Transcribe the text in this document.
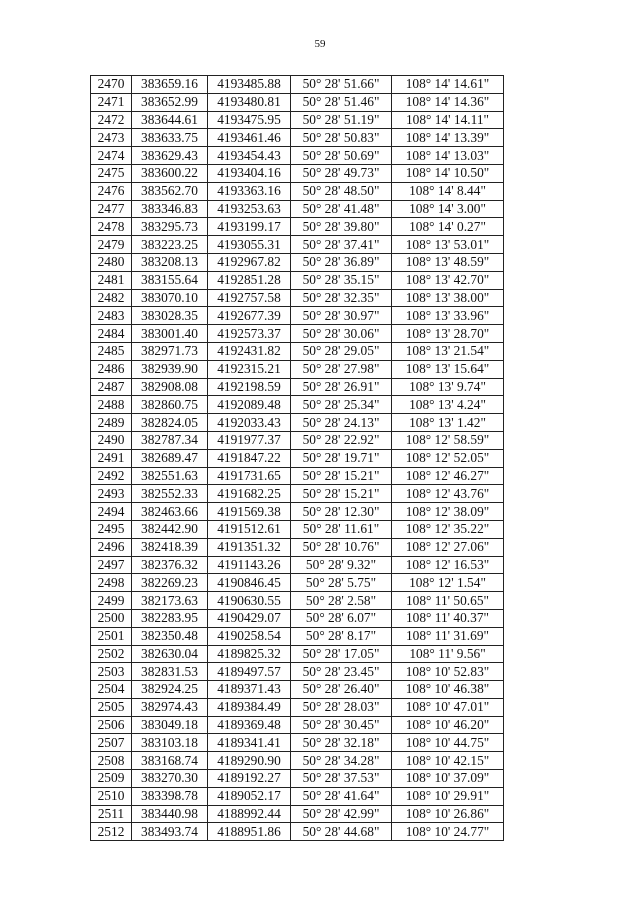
59
2470	383659.16	4193485.88	50° 28' 51.66"	108° 14' 14.61"
2471	383652.99	4193480.81	50° 28' 51.46"	108° 14' 14.36"
2472	383644.61	4193475.95	50° 28' 51.19"	108° 14' 14.11"
2473	383633.75	4193461.46	50° 28' 50.83"	108° 14' 13.39"
2474	383629.43	4193454.43	50° 28' 50.69"	108° 14' 13.03"
2475	383600.22	4193404.16	50° 28' 49.73"	108° 14' 10.50"
2476	383562.70	4193363.16	50° 28' 48.50"	108° 14' 8.44"
2477	383346.83	4193253.63	50° 28' 41.48"	108° 14' 3.00"
2478	383295.73	4193199.17	50° 28' 39.80"	108° 14' 0.27"
2479	383223.25	4193055.31	50° 28' 37.41"	108° 13' 53.01"
2480	383208.13	4192967.82	50° 28' 36.89"	108° 13' 48.59"
2481	383155.64	4192851.28	50° 28' 35.15"	108° 13' 42.70"
2482	383070.10	4192757.58	50° 28' 32.35"	108° 13' 38.00"
2483	383028.35	4192677.39	50° 28' 30.97"	108° 13' 33.96"
2484	383001.40	4192573.37	50° 28' 30.06"	108° 13' 28.70"
2485	382971.73	4192431.82	50° 28' 29.05"	108° 13' 21.54"
2486	382939.90	4192315.21	50° 28' 27.98"	108° 13' 15.64"
2487	382908.08	4192198.59	50° 28' 26.91"	108° 13' 9.74"
2488	382860.75	4192089.48	50° 28' 25.34"	108° 13' 4.24"
2489	382824.05	4192033.43	50° 28' 24.13"	108° 13' 1.42"
2490	382787.34	4191977.37	50° 28' 22.92"	108° 12' 58.59"
2491	382689.47	4191847.22	50° 28' 19.71"	108° 12' 52.05"
2492	382551.63	4191731.65	50° 28' 15.21"	108° 12' 46.27"
2493	382552.33	4191682.25	50° 28' 15.21"	108° 12' 43.76"
2494	382463.66	4191569.38	50° 28' 12.30"	108° 12' 38.09"
2495	382442.90	4191512.61	50° 28' 11.61"	108° 12' 35.22"
2496	382418.39	4191351.32	50° 28' 10.76"	108° 12' 27.06"
2497	382376.32	4191143.26	50° 28' 9.32"	108° 12' 16.53"
2498	382269.23	4190846.45	50° 28' 5.75"	108° 12' 1.54"
2499	382173.63	4190630.55	50° 28' 2.58"	108° 11' 50.65"
2500	382283.95	4190429.07	50° 28' 6.07"	108° 11' 40.37"
2501	382350.48	4190258.54	50° 28' 8.17"	108° 11' 31.69"
2502	382630.04	4189825.32	50° 28' 17.05"	108° 11' 9.56"
2503	382831.53	4189497.57	50° 28' 23.45"	108° 10' 52.83"
2504	382924.25	4189371.43	50° 28' 26.40"	108° 10' 46.38"
2505	382974.43	4189384.49	50° 28' 28.03"	108° 10' 47.01"
2506	383049.18	4189369.48	50° 28' 30.45"	108° 10' 46.20"
2507	383103.18	4189341.41	50° 28' 32.18"	108° 10' 44.75"
2508	383168.74	4189290.90	50° 28' 34.28"	108° 10' 42.15"
2509	383270.30	4189192.27	50° 28' 37.53"	108° 10' 37.09"
2510	383398.78	4189052.17	50° 28' 41.64"	108° 10' 29.91"
2511	383440.98	4188992.44	50° 28' 42.99"	108° 10' 26.86"
2512	383493.74	4188951.86	50° 28' 44.68"	108° 10' 24.77"
